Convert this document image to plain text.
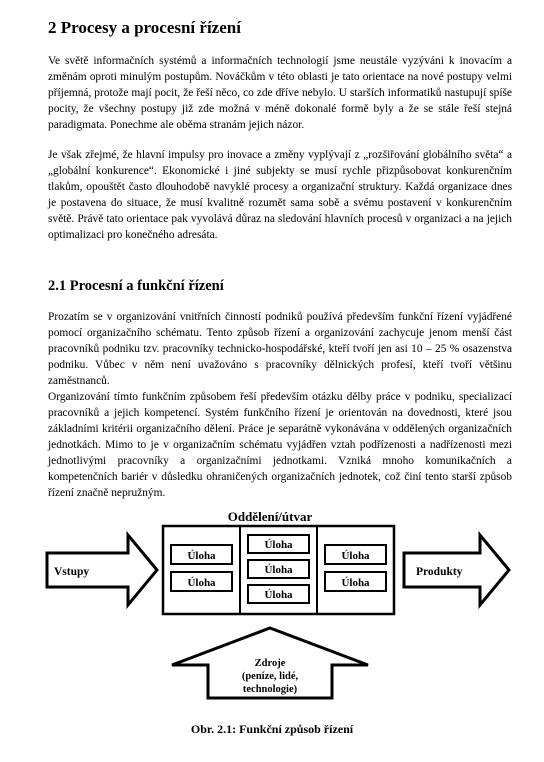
2 Procesy a procesní řízení

Ve světě informačních systémů a informačních technologií jsme neustále vyzýváni k inovacím a změnám oproti minulým postupům. Nováčkům v této oblasti je tato orientace na nové postupy velmi příjemná, protože mají pocit, že řeší něco, co zde dříve nebylo. U starších informatiků nastupují spíše pocity, že všechny postupy již zde možná v méně dokonalé formě byly a že se stále řeší stejná paradigmata. Ponechme ale oběma stranám jejich názor.

Je však zřejmé, že hlavní impulsy pro inovace a změny vyplývají z „rozšiřování globálního světa“ a „globální konkurence“. Ekonomické i jiné subjekty se musí rychle přizpůsobovat konkurenčním tlakům, opouštět často dlouhodobě navyklé procesy a organizační struktury. Každá organizace dnes je postavena do situace, že musí kvalitně rozumět sama sobě a svému postavení v konkurenčním světě. Právě tato orientace pak vyvolává důraz na sledování hlavních procesů v organizaci a na jejich optimalizaci pro konečného adresáta.

2.1 Procesní a funkční řízení

Prozatím se v organizování vnitřních činností podniků používá především funkční řízení vyjádřené pomocí organizačního schématu. Tento způsob řízení a organizování zachycuje jenom menší část pracovníků podniku tzv. pracovníky technicko-hospodářské, kteří tvoří jen asi 10 – 25 % osazenstva podniku. Vůbec v něm není uvažováno s pracovníky dělnických profesí, kteří tvoří většinu zaměstnanců.

Organizování tímto funkčním způsobem řeší především otázku dělby práce v podniku, specializací pracovníků a jejich kompetencí. Systém funkčního řízení je orientován na dovednosti, které jsou základními kritérii organizačního dělení. Práce je separátně vykonávána v oddělených organizačních jednotkách. Mimo to je v organizačním schématu vyjádřen vztah podřízenosti a nadřízenosti mezi jednotlivými pracovníky a organizačními jednotkami. Vzniká mnoho komunikačních a kompetenčních bariér v důsledku ohraničených organizačních jednotek, což činí tento starší způsob řízení značně nepružným.

Oddělení/útvar
Vstupy	Produkty
Zdroje
(peníze, lidé,
technologie)
Úloha
Úloha
Úloha
Úloha
Úloha
Úloha
Úloha
Obr. 2.1: Funkční způsob řízení
